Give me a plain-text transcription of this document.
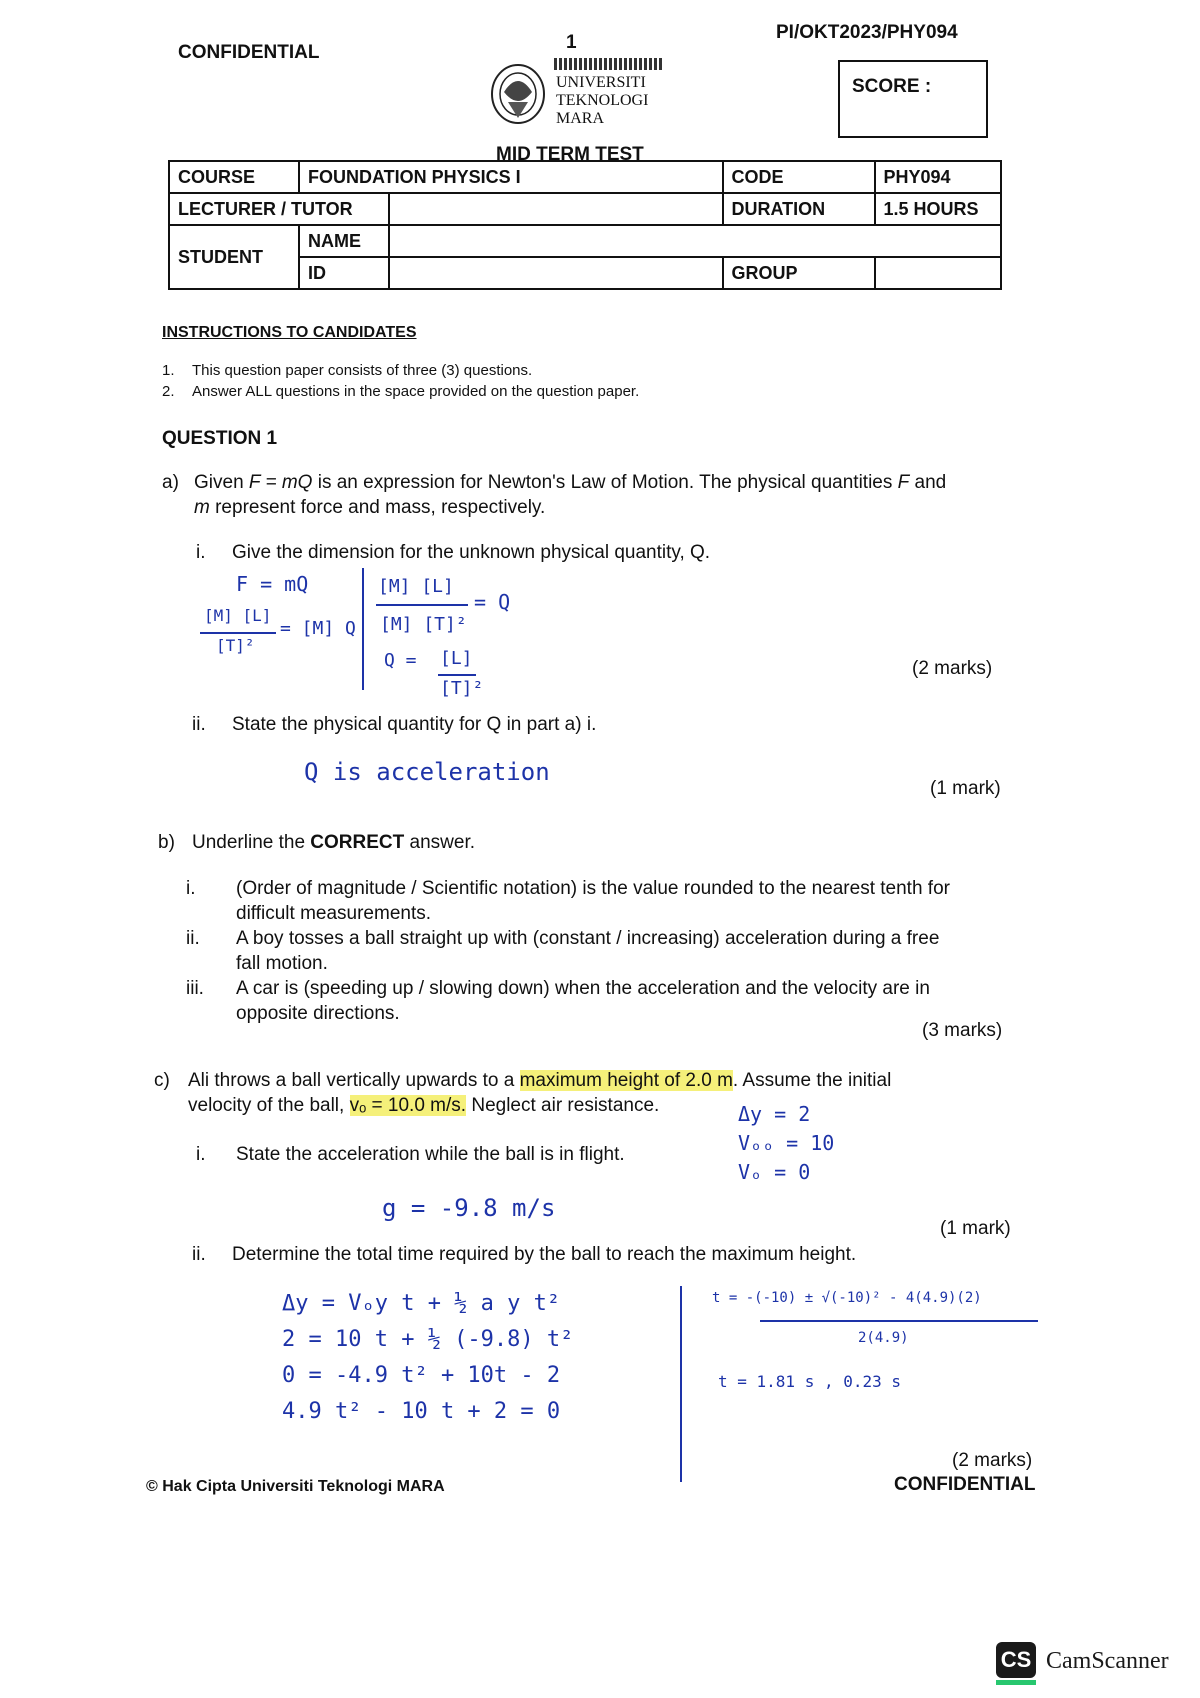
CONFIDENTIAL	1	PI/OKT2023/PHY094
UNIVERSITI
TEKNOLOGI
MARA
SCORE :
MID TERM TEST
COURSE	FOUNDATION PHYSICS I		CODE	PHY094
LECTURER / TUTOR			DURATION	1.5 HOURS
STUDENT	NAME			
	ID		GROUP	
INSTRUCTIONS TO CANDIDATES
1. This question paper consists of three (3) questions.
2. Answer ALL questions in the space provided on the question paper.
QUESTION 1
a) Given F = mQ is an expression for Newton's Law of Motion. The physical quantities F and
m represent force and mass, respectively.
i. Give the dimension for the unknown physical quantity, Q.
F = mQ
[M] [L]
[T]²
= [M] Q
[M] [L]
= Q
[M] [T]²
Q = [L]
[T]²
(2 marks)
ii. State the physical quantity for Q in part a) i.
Q is acceleration
(1 mark)
b) Underline the CORRECT answer.
i. (Order of magnitude / Scientific notation) is the value rounded to the nearest tenth for
difficult measurements.
ii. A boy tosses a ball straight up with (constant / increasing) acceleration during a free
fall motion.
iii. A car is (speeding up / slowing down) when the acceleration and the velocity are in
opposite directions.
(3 marks)
c) Ali throws a ball vertically upwards to a maximum height of 2.0 m. Assume the initial
velocity of the ball, vₒ = 10.0 m/s. Neglect air resistance.	Δy = 2
Vₒₒ = 10
Vₒ = 0
i. State the acceleration while the ball is in flight.
g = -9.8 m/s
(1 mark)
ii. Determine the total time required by the ball to reach the maximum height.
Δy = Vₒy t + ½ a y t²
2 = 10 t + ½ (-9.8) t²
0 = -4.9 t² + 10t - 2
4.9 t² - 10 t + 2 = 0
t = -(-10) ± √(-10)² - 4(4.9)(2)
2(4.9)
t = 1.81 s , 0.23 s
(2 marks)
© Hak Cipta Universiti Teknologi MARA	CONFIDENTIAL
CS CamScanner
